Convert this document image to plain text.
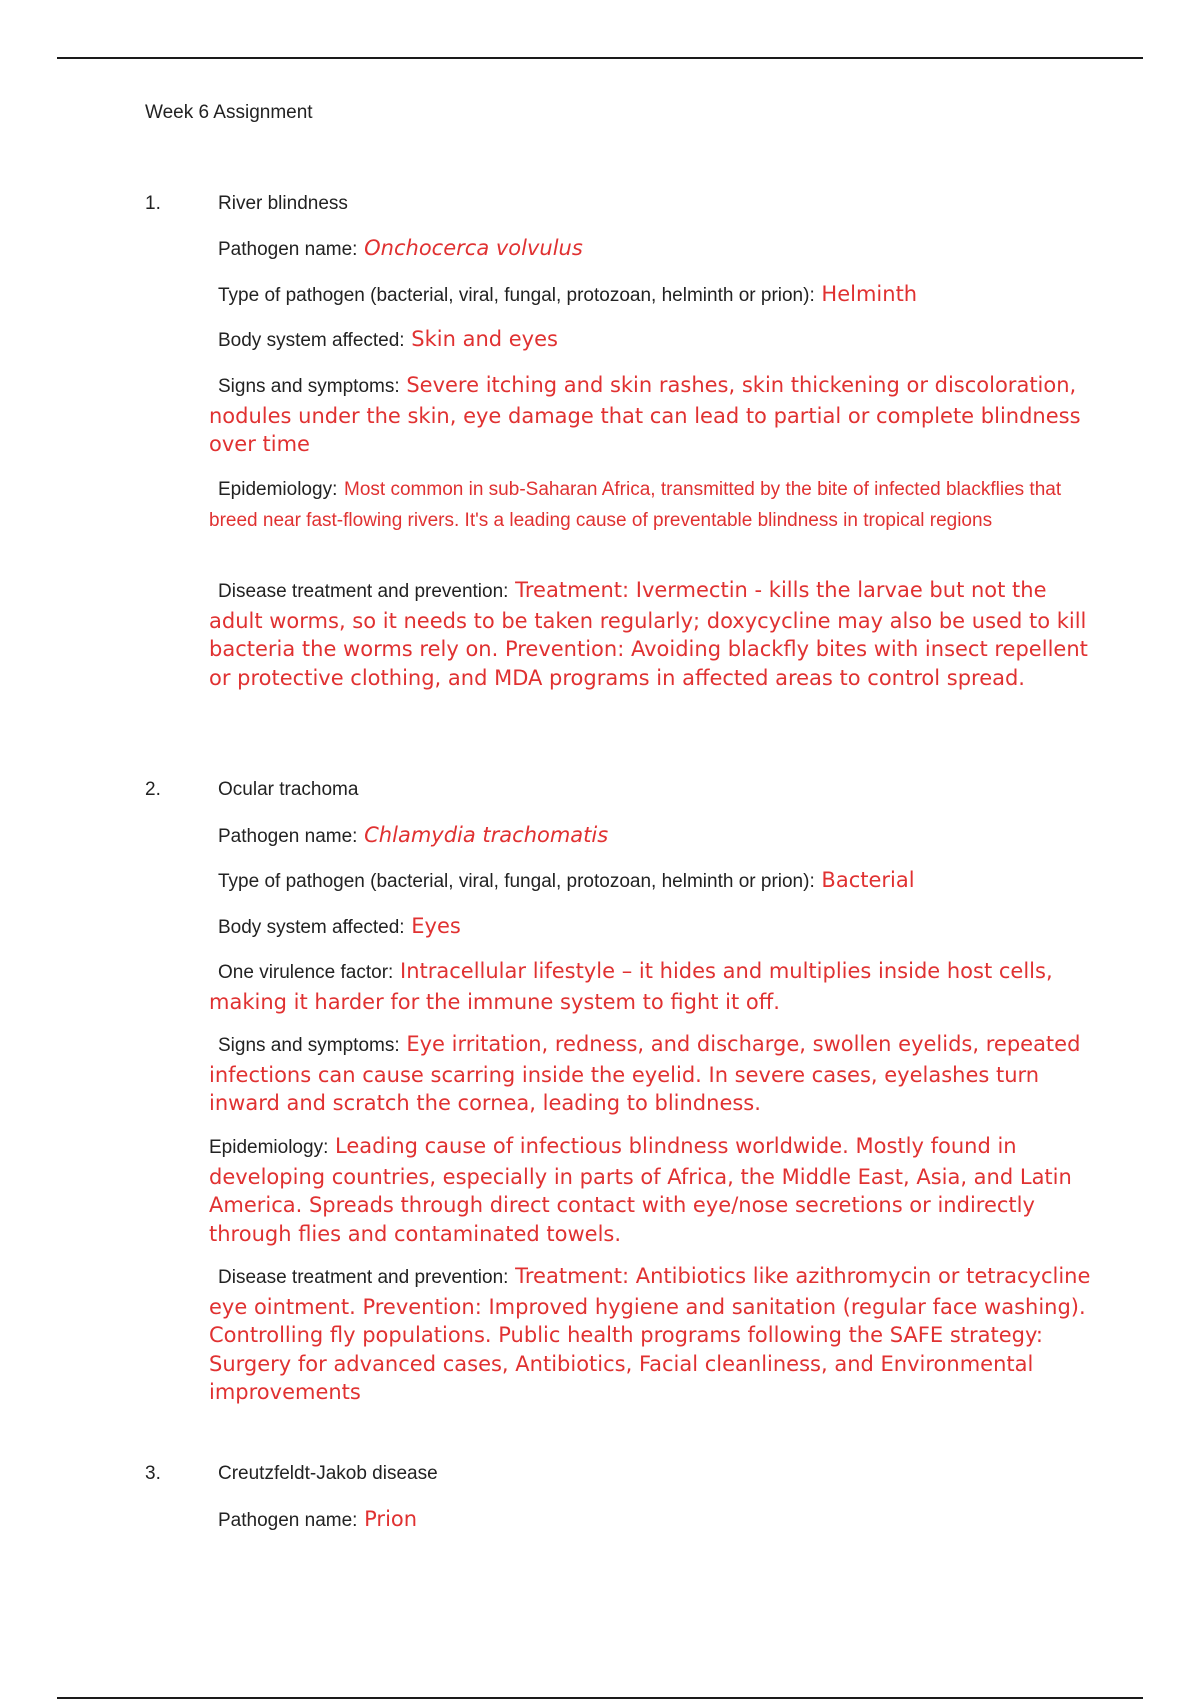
Week 6 Assignment
1.	River blindness

Pathogen name: Onchocerca volvulus

Type of pathogen (bacterial, viral, fungal, protozoan, helminth or prion): Helminth

Body system affected: Skin and eyes

Signs and symptoms: Severe itching and skin rashes, skin thickening or discoloration, nodules under the skin, eye damage that can lead to partial or complete blindness over time

Epidemiology: Most common in sub-Saharan Africa, transmitted by the bite of infected blackflies that breed near fast-flowing rivers. It's a leading cause of preventable blindness in tropical regions

Disease treatment and prevention: Treatment: Ivermectin - kills the larvae but not the adult worms, so it needs to be taken regularly; doxycycline may also be used to kill bacteria the worms rely on. Prevention: Avoiding blackfly bites with insect repellent or protective clothing, and MDA programs in affected areas to control spread.

2.	Ocular trachoma

Pathogen name: Chlamydia trachomatis

Type of pathogen (bacterial, viral, fungal, protozoan, helminth or prion): Bacterial

Body system affected: Eyes

One virulence factor: Intracellular lifestyle – it hides and multiplies inside host cells, making it harder for the immune system to fight it off.

Signs and symptoms: Eye irritation, redness, and discharge, swollen eyelids, repeated infections can cause scarring inside the eyelid. In severe cases, eyelashes turn inward and scratch the cornea, leading to blindness.

Epidemiology: Leading cause of infectious blindness worldwide. Mostly found in developing countries, especially in parts of Africa, the Middle East, Asia, and Latin America. Spreads through direct contact with eye/nose secretions or indirectly through flies and contaminated towels.

Disease treatment and prevention: Treatment: Antibiotics like azithromycin or tetracycline eye ointment. Prevention: Improved hygiene and sanitation (regular face washing). Controlling fly populations. Public health programs following the SAFE strategy: Surgery for advanced cases, Antibiotics, Facial cleanliness, and Environmental improvements

3.	Creutzfeldt-Jakob disease

Pathogen name: Prion
